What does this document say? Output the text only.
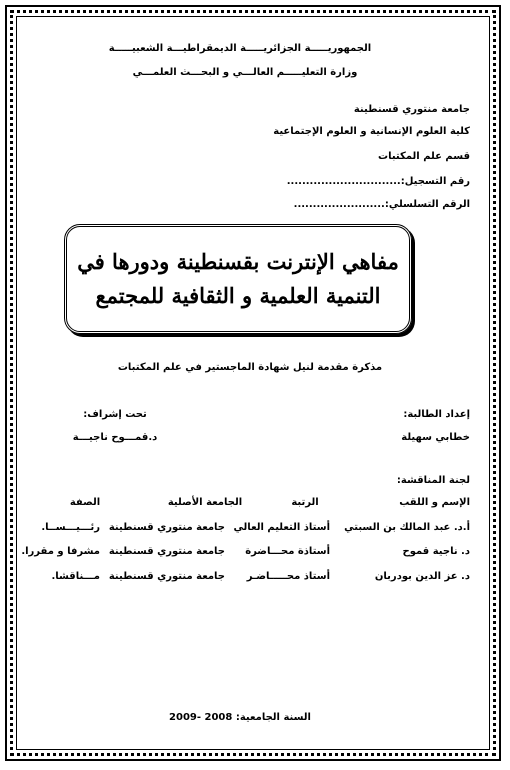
الجمهوريـــــة الجزائريـــــة الديمقراطيـــة الشعبيـــــة
وزارة التعليـــــم العالـــي و البحـــث العلمـــي
جامعة منتوري قسنطينة
كلية العلوم الإنسانية و العلوم الإجتماعية
قسم علم المكتبات
رقم التسجيل:..............................
الرقم التسلسلي:........................
مفاهي الإنترنت بقسنطينة ودورها في
التنمية العلمية و الثقافية للمجتمع
مذكرة مقدمة لنيل شهادة الماجستير في علم المكتبات
إعداد الطالبة:
خطابي سهيلة
تحت إشراف:
د.قمـــوح ناجيـــة
لجنة المناقشة:
الإسم و اللقب
الرتبة
الجامعة الأصلية
الصفة
أ.د. عبد المالك بن السبتي
أستاذ التعليم العالي
جامعة منتوري قسنطينة
رئـــيـــســا.
د. ناجية قموح
أستاذة محـــاضرة
جامعة منتوري قسنطينة
مشرفا و مقررا.
د. عز الدين بودربان
أستاذ محـــــاضـر
جامعة منتوري قسنطينة
مـــناقشا.
السنة الجامعية: 2008 -2009
